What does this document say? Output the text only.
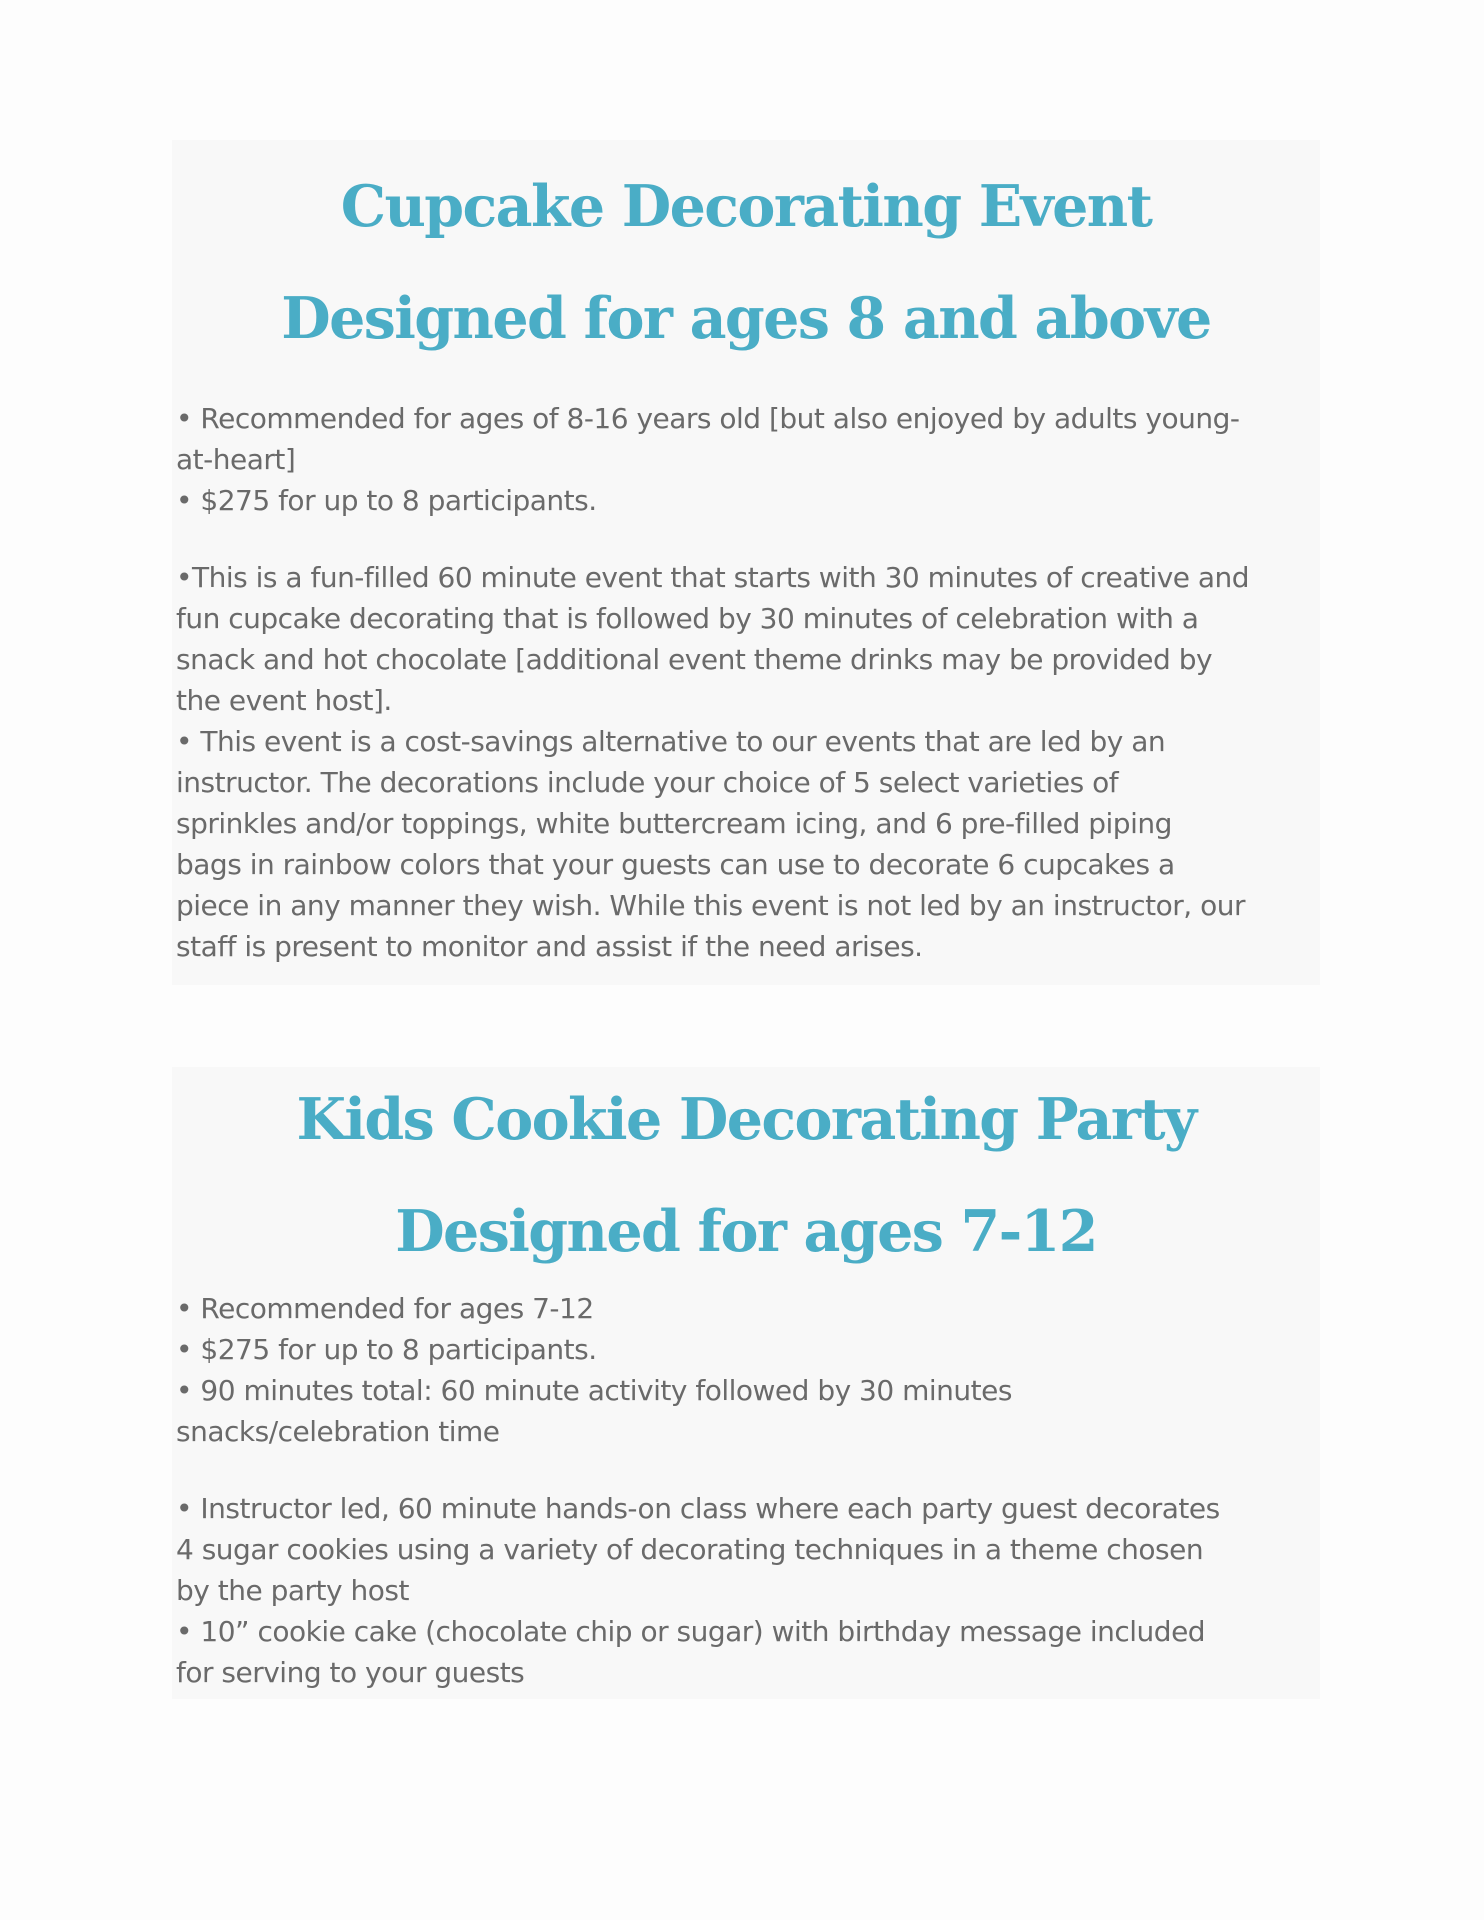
Cupcake Decorating Event
Designed for ages 8 and above
• Recommended for ages of 8-16 years old [but also enjoyed by adults young-
at-heart]
• $275 for up to 8 participants.
•This is a fun-filled 60 minute event that starts with 30 minutes of creative and
fun cupcake decorating that is followed by 30 minutes of celebration with a
snack and hot chocolate [additional event theme drinks may be provided by
the event host].
• This event is a cost-savings alternative to our events that are led by an
instructor. The decorations include your choice of 5 select varieties of
sprinkles and/or toppings, white buttercream icing, and 6 pre-filled piping
bags in rainbow colors that your guests can use to decorate 6 cupcakes a
piece in any manner they wish. While this event is not led by an instructor, our
staff is present to monitor and assist if the need arises.
Kids Cookie Decorating Party
Designed for ages 7-12
• Recommended for ages 7-12
• $275 for up to 8 participants.
• 90 minutes total: 60 minute activity followed by 30 minutes
snacks/celebration time
• Instructor led, 60 minute hands-on class where each party guest decorates
4 sugar cookies using a variety of decorating techniques in a theme chosen
by the party host
• 10” cookie cake (chocolate chip or sugar) with birthday message included
for serving to your guests
